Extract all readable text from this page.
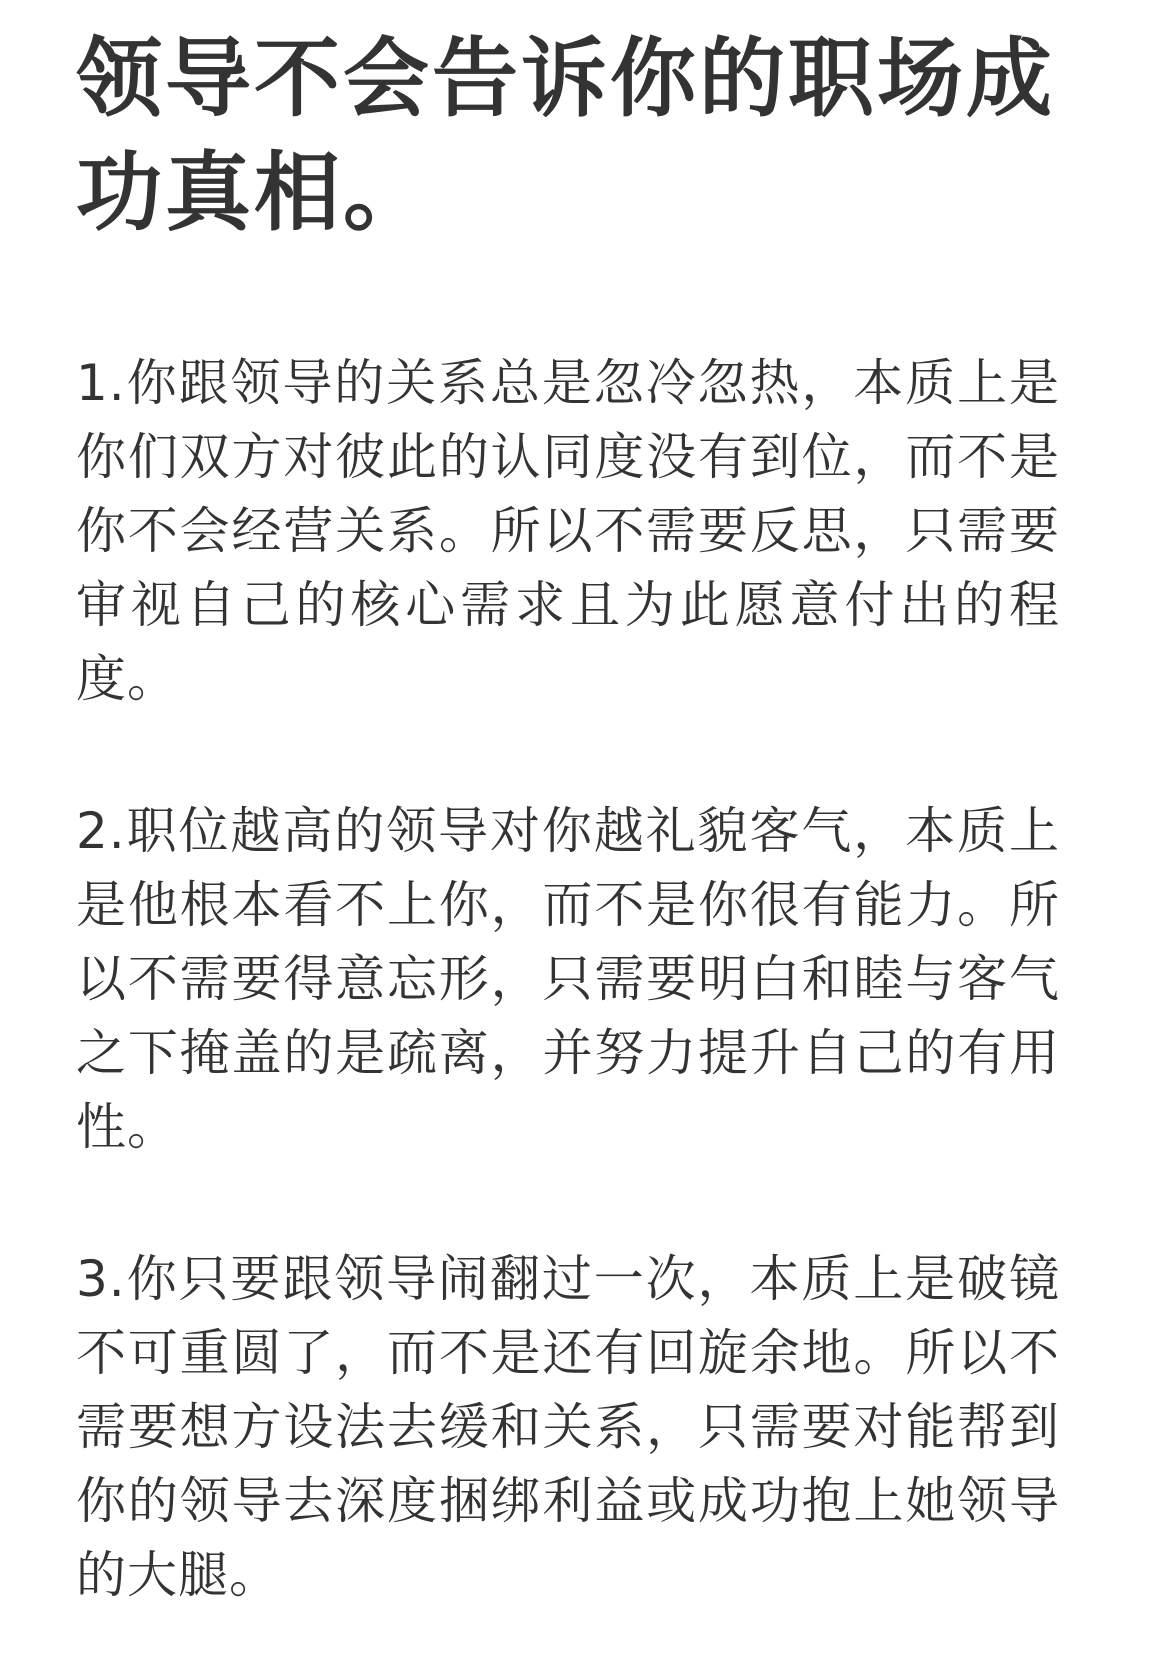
领导不会告诉你的职场成功真相。

1.你跟领导的关系总是忽冷忽热，本质上是你们双方对彼此的认同度没有到位，而不是你不会经营关系。所以不需要反思，只需要审视自己的核心需求且为此愿意付出的程度。

2.职位越高的领导对你越礼貌客气，本质上是他根本看不上你，而不是你很有能力。所以不需要得意忘形，只需要明白和睦与客气之下掩盖的是疏离，并努力提升自己的有用性。

3.你只要跟领导闹翻过一次，本质上是破镜不可重圆了，而不是还有回旋余地。所以不需要想方设法去缓和关系，只需要对能帮到你的领导去深度捆绑利益或成功抱上她领导的大腿。
